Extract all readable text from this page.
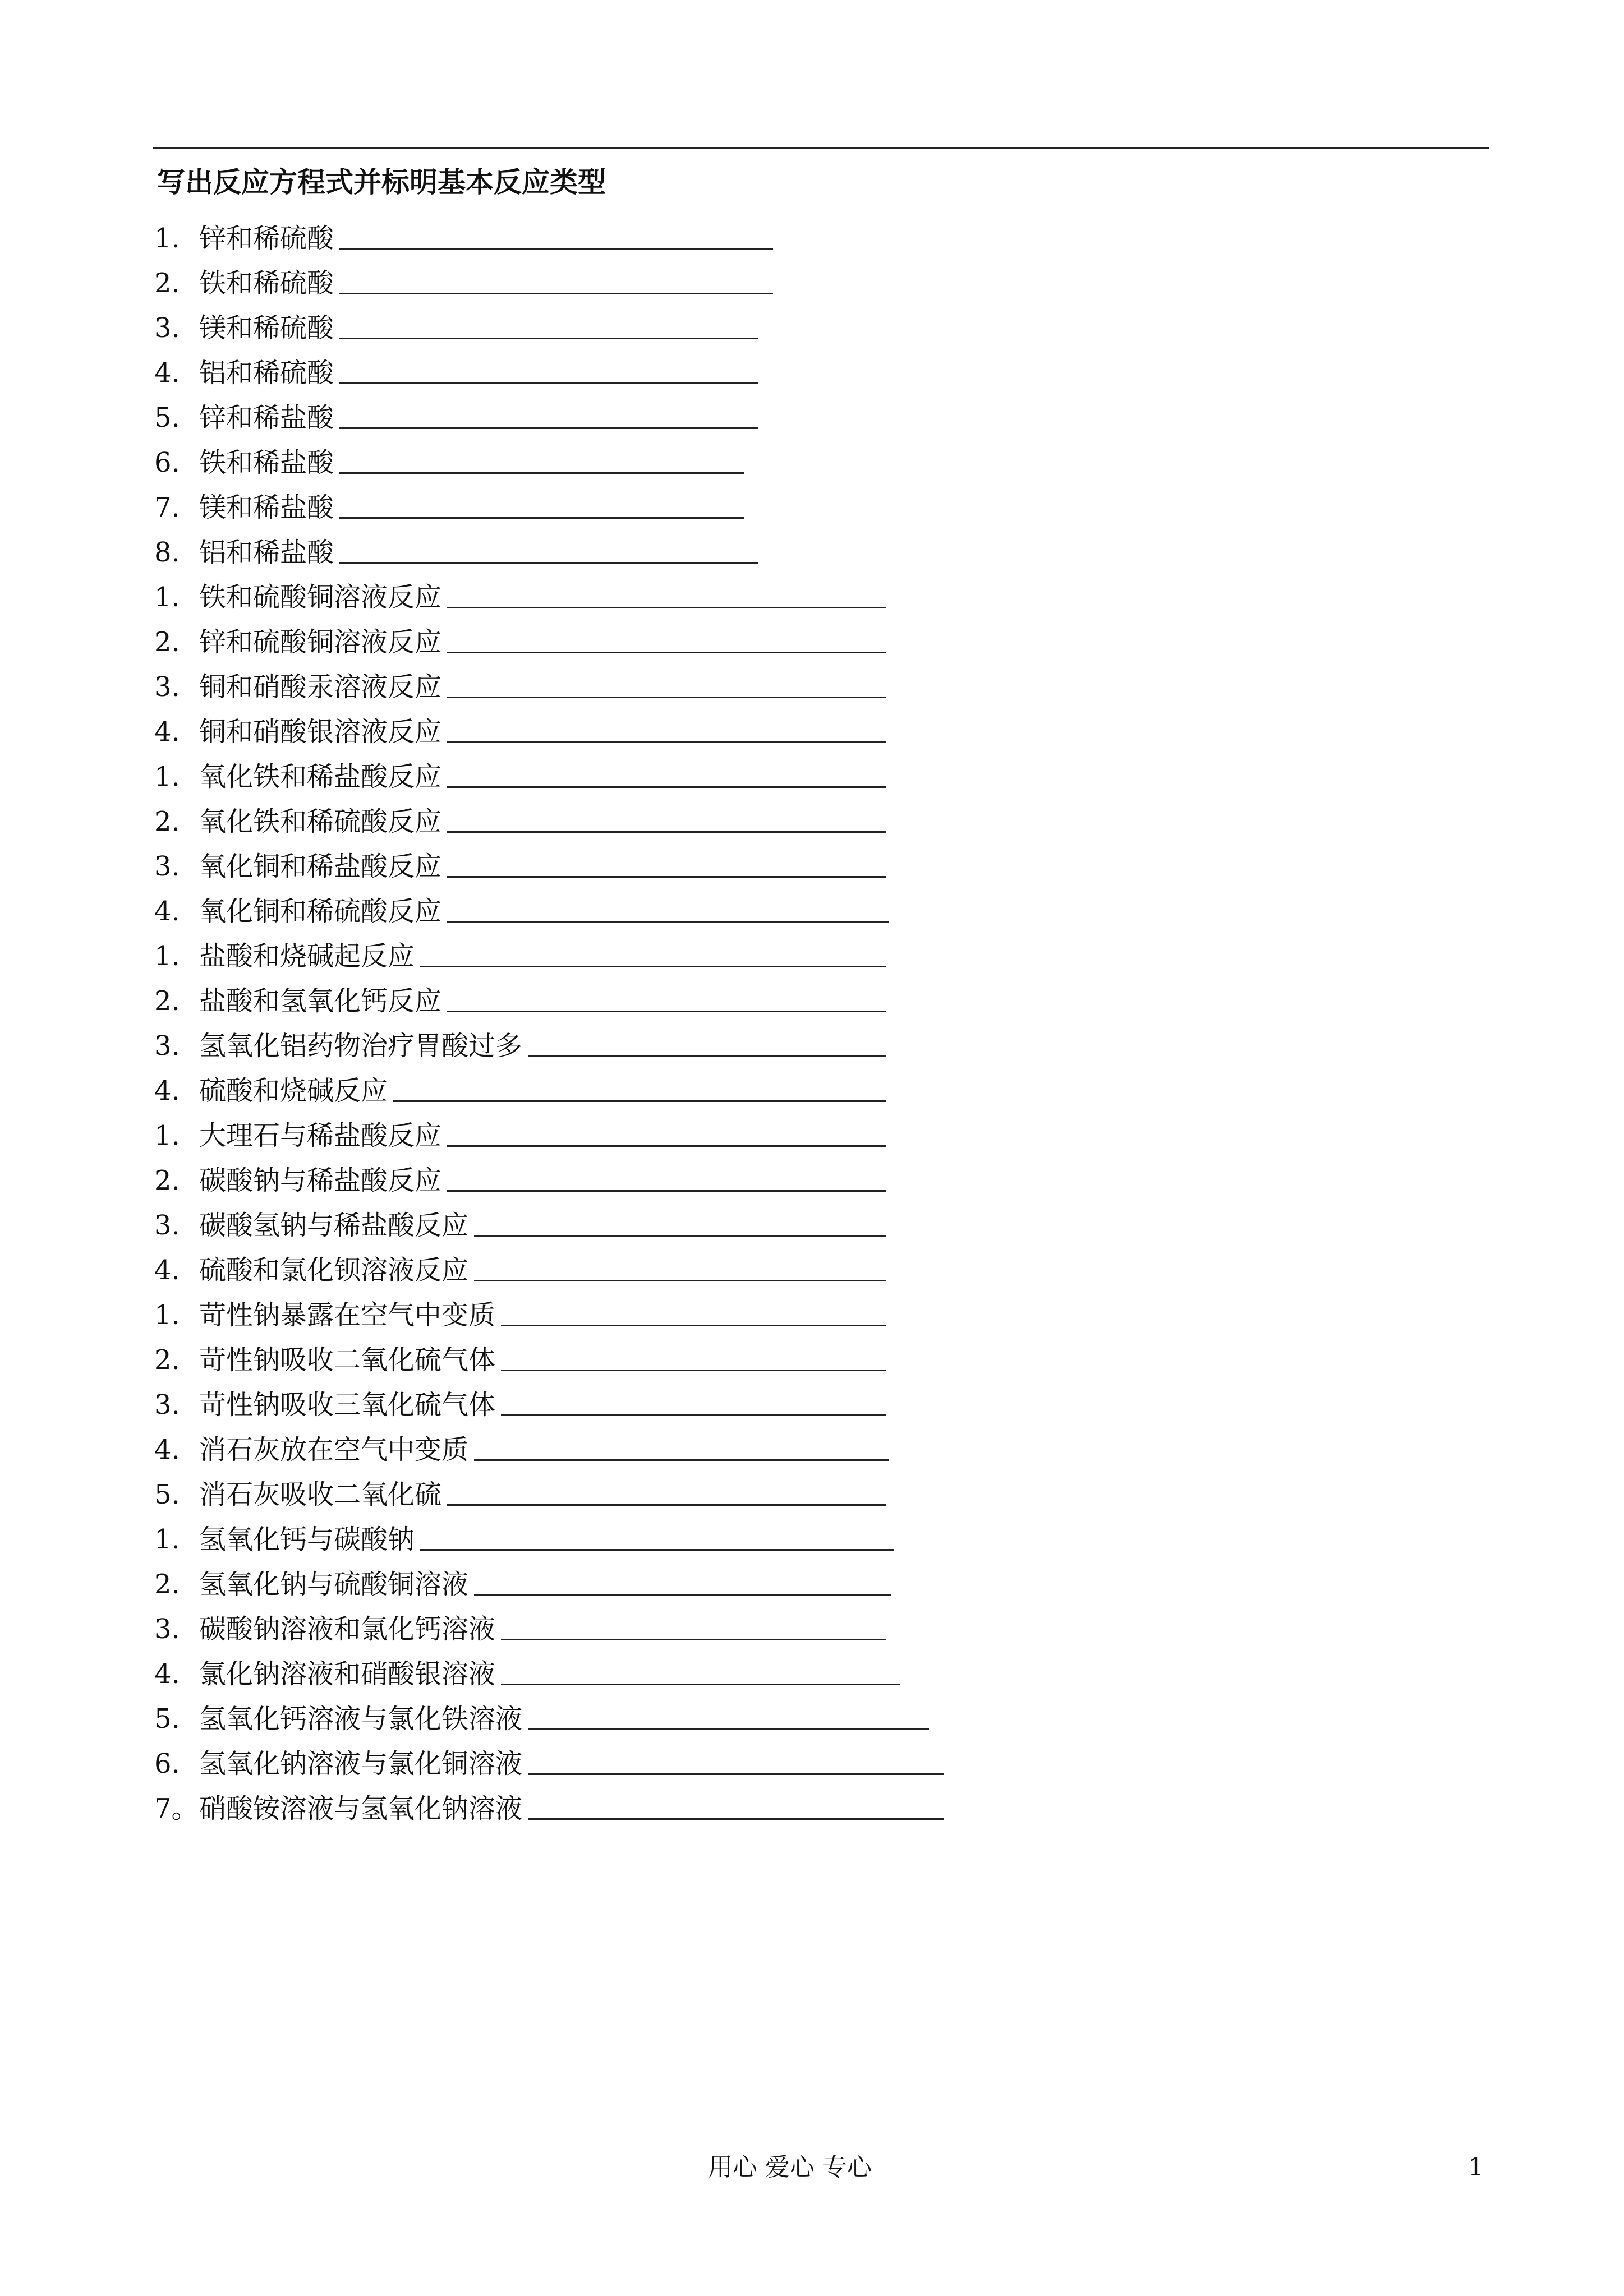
写出反应方程式并标明基本反应类型
1. 锌和稀硫酸
2. 铁和稀硫酸
3. 镁和稀硫酸
4. 铝和稀硫酸
5. 锌和稀盐酸
6. 铁和稀盐酸
7. 镁和稀盐酸
8. 铝和稀盐酸
1. 铁和硫酸铜溶液反应
2. 锌和硫酸铜溶液反应
3. 铜和硝酸汞溶液反应
4. 铜和硝酸银溶液反应
1. 氧化铁和稀盐酸反应
2. 氧化铁和稀硫酸反应
3. 氧化铜和稀盐酸反应
4. 氧化铜和稀硫酸反应
1. 盐酸和烧碱起反应
2. 盐酸和氢氧化钙反应
3. 氢氧化铝药物治疗胃酸过多
4. 硫酸和烧碱反应
1. 大理石与稀盐酸反应
2. 碳酸钠与稀盐酸反应
3. 碳酸氢钠与稀盐酸反应
4. 硫酸和氯化钡溶液反应
1. 苛性钠暴露在空气中变质
2. 苛性钠吸收二氧化硫气体
3. 苛性钠吸收三氧化硫气体
4. 消石灰放在空气中变质
5. 消石灰吸收二氧化硫
1. 氢氧化钙与碳酸钠
2. 氢氧化钠与硫酸铜溶液
3. 碳酸钠溶液和氯化钙溶液
4. 氯化钠溶液和硝酸银溶液
5. 氢氧化钙溶液与氯化铁溶液
6. 氢氧化钠溶液与氯化铜溶液
7。 硝酸铵溶液与氢氧化钠溶液
用心 爱心 专心	1
